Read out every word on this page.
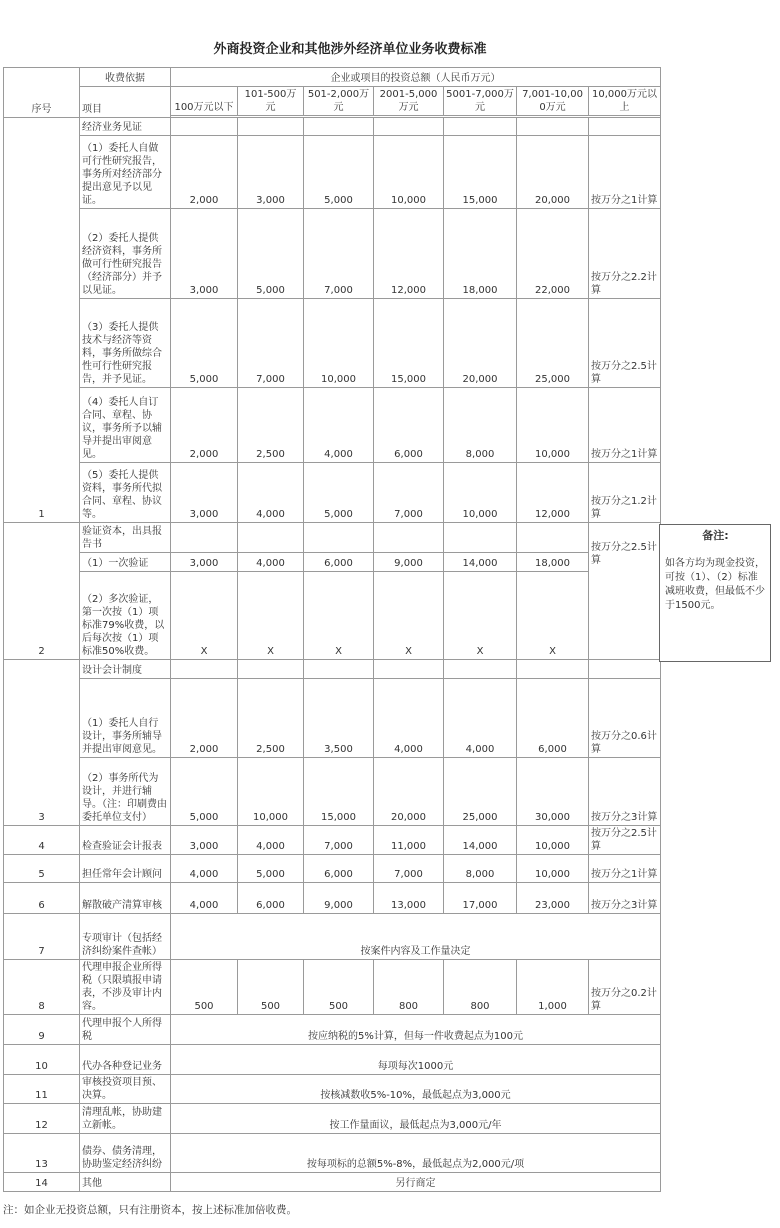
外商投资企业和其他涉外经济单位业务收费标准
序号	收费依据	企业或项目的投资总额（人民币万元）						
	项目	100万元以下	101-500万元	501-2,000万元	2001-5,000万元	5001-7,000万元	7,001-10,000万元	10,000万元以上

1	经济业务见证							
	（1）委托人自做可行性研究报告，事务所对经济部分提出意见予以见证。	2,000	3,000	5,000	10,000	15,000	20,000	按万分之1计算
	（2）委托人提供经济资料，事务所做可行性研究报告（经济部分）并予以见证。	3,000	5,000	7,000	12,000	18,000	22,000	按万分之2.2计算
	（3）委托人提供技术与经济等资料，事务所做综合性可行性研究报告，并予见证。	5,000	7,000	10,000	15,000	20,000	25,000	按万分之2.5计算
	（4）委托人自订合同、章程、协议，事务所予以辅导并提出审阅意见。	2,000	2,500	4,000	6,000	8,000	10,000	按万分之1计算
	（5）委托人提供资料，事务所代拟合同、章程、协议等。	3,000	4,000	5,000	7,000	10,000	12,000	按万分之1.2计算
2	验证资本，出具报告书							按万分之2.5计算
	（1）一次验证	3,000	4,000	6,000	9,000	14,000	18,000	
	（2）多次验证，第一次按（1）项标准79%收费，以后每次按（1）项标准50%收费。	X	X	X	X	X	X	
3	设计会计制度							
	（1）委托人自行设计，事务所辅导并提出审阅意见。	2,000	2,500	3,500	4,000	4,000	6,000	按万分之0.6计算
	（2）事务所代为设计，并进行辅导。（注：印刷费由委托单位支付）	5,000	10,000	15,000	20,000	25,000	30,000	按万分之3计算
4	检查验证会计报表	3,000	4,000	7,000	11,000	14,000	10,000	按万分之2.5计算
5	担任常年会计顾问	4,000	5,000	6,000	7,000	8,000	10,000	按万分之1计算
6	解散破产清算审核	4,000	6,000	9,000	13,000	17,000	23,000	按万分之3计算
7	专项审计（包括经济纠纷案件查帐）	按案件内容及工作量决定						
8	代理申报企业所得税（只限填报申请表，不涉及审计内容。	500	500	500	800	800	1,000	按万分之0.2计算
9	代理申报个人所得税	按应纳税的5%计算，但每一件收费起点为100元						
10	代办各种登记业务	每项每次1000元						
11	审核投资项目预、决算。	按核减数收5%-10%，最低起点为3,000元						
12	清理乱帐，协助建立新帐。	按工作量面议，最低起点为3,000元/年						
13	债券、债务清理，协助鉴定经济纠纷	按每项标的总额5%-8%，最低起点为2,000元/项						
14	其他	另行商定						
备注:
如各方均为现金投资，可按（1）、（2）标准减班收费，但最低不少于1500元。
注：如企业无投资总额，只有注册资本，按上述标准加倍收费。
